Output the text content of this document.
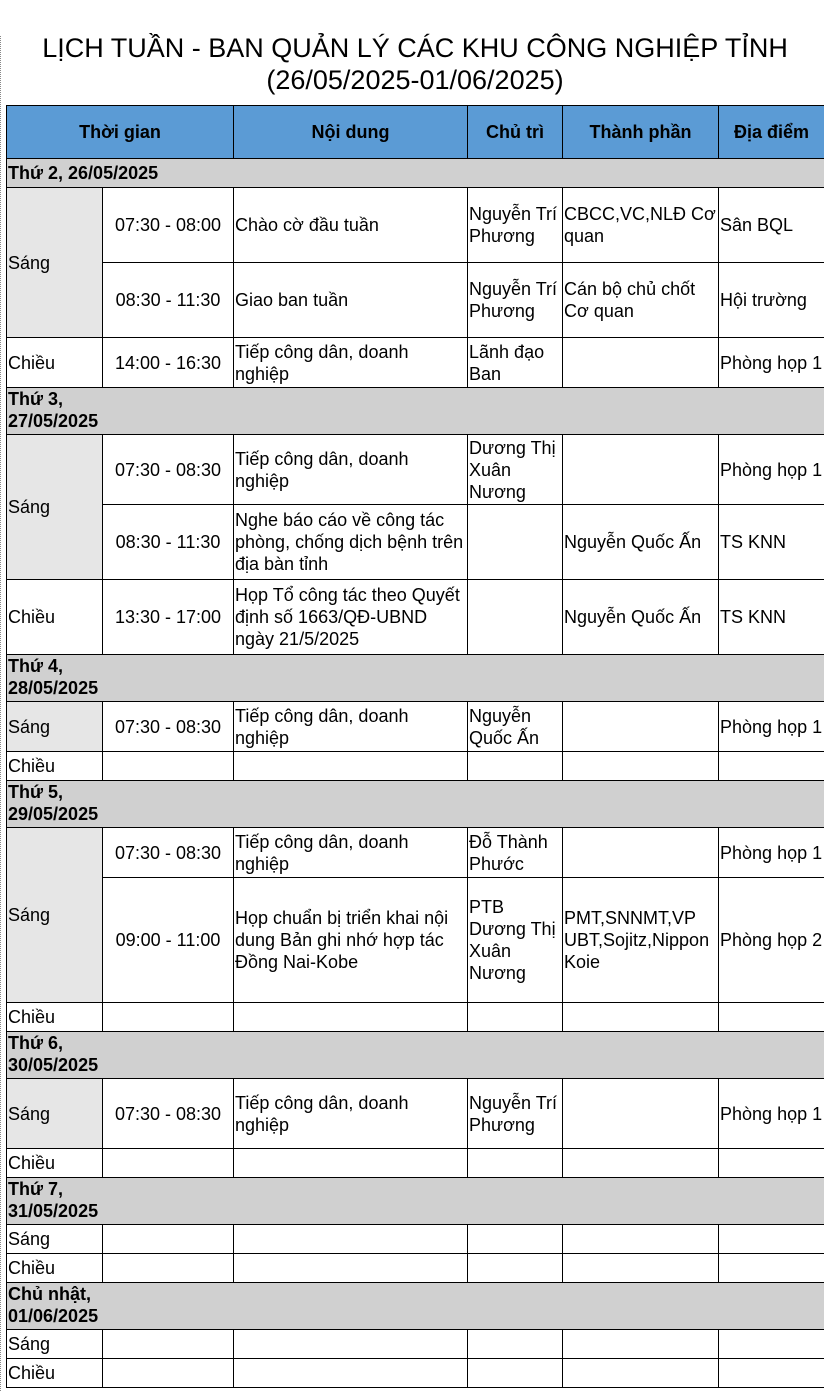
LỊCH TUẦN - BAN QUẢN LÝ CÁC KHU CÔNG NGHIỆP TỈNH
(26/05/2025-01/06/2025)
Thời gian		Nội dung	Chủ trì	Thành phần	Địa điểm
Thứ 2, 26/05/2025					
Sáng	07:30 - 08:00	Chào cờ đầu tuần	Nguyễn Trí Phương	CBCC,VC,NLĐ Cơ quan	Sân BQL
	08:30 - 11:30	Giao ban tuần	Nguyễn Trí Phương	Cán bộ chủ chốt Cơ quan	Hội trường
Chiều	14:00 - 16:30	Tiếp công dân, doanh nghiệp	Lãnh đạo Ban		Phòng họp 1
Thứ 3,
27/05/2025					
Sáng	07:30 - 08:30	Tiếp công dân, doanh nghiệp	Dương Thị Xuân Nương		Phòng họp 1
	08:30 - 11:30	Nghe báo cáo về công tác phòng, chống dịch bệnh trên địa bàn tỉnh		Nguyễn Quốc Ấn	TS KNN
Chiều	13:30 - 17:00	Họp Tổ công tác theo Quyết định số 1663/QĐ-UBND ngày 21/5/2025		Nguyễn Quốc Ấn	TS KNN
Thứ 4,
28/05/2025					
Sáng	07:30 - 08:30	Tiếp công dân, doanh nghiệp	Nguyễn Quốc Ấn		Phòng họp 1
Chiều					
Thứ 5,
29/05/2025					
Sáng	07:30 - 08:30	Tiếp công dân, doanh nghiệp	Đỗ Thành Phước		Phòng họp 1
	09:00 - 11:00	Họp chuẩn bị triển khai nội dung Bản ghi nhớ hợp tác Đồng Nai-Kobe	PTB Dương Thị Xuân Nương	PMT,SNNMT,VP UBT,Sojitz,Nippon Koie	Phòng họp 2
Chiều					
Thứ 6,
30/05/2025					
Sáng	07:30 - 08:30	Tiếp công dân, doanh nghiệp	Nguyễn Trí Phương		Phòng họp 1
Chiều					
Thứ 7,
31/05/2025					
Sáng					
Chiều					
Chủ nhật,
01/06/2025					
Sáng					
Chiều					
